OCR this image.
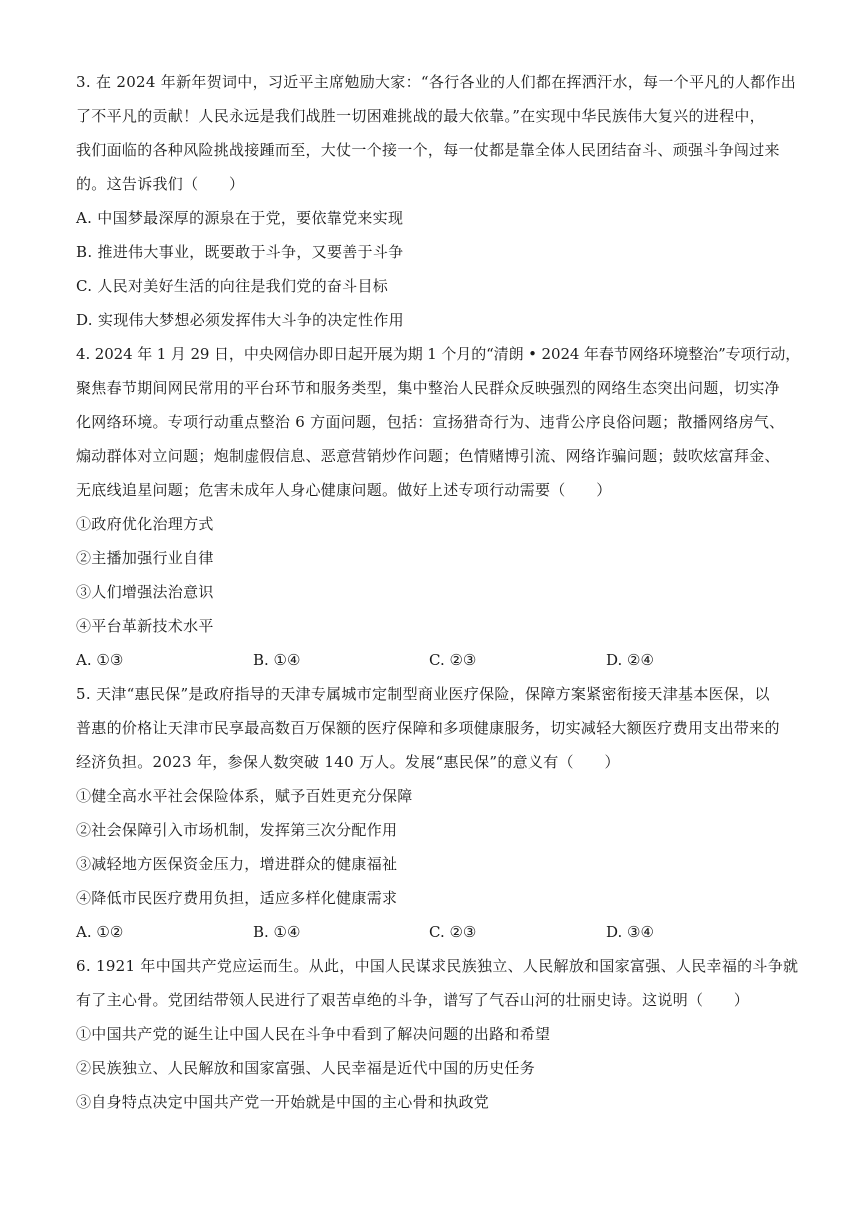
3. 在 2024 年新年贺词中，习近平主席勉励大家：“各行各业的人们都在挥洒汗水，每一个平凡的人都作出
了不平凡的贡献！人民永远是我们战胜一切困难挑战的最大依靠。”在实现中华民族伟大复兴的进程中，
我们面临的各种风险挑战接踵而至，大仗一个接一个，每一仗都是靠全体人民团结奋斗、顽强斗争闯过来
的。这告诉我们（　　）
A. 中国梦最深厚的源泉在于党，要依靠党来实现
B. 推进伟大事业，既要敢于斗争，又要善于斗争
C. 人民对美好生活的向往是我们党的奋斗目标
D. 实现伟大梦想必须发挥伟大斗争的决定性作用
4. 2024 年 1 月 29 日，中央网信办即日起开展为期 1 个月的“清朗 • 2024 年春节网络环境整治”专项行动，
聚焦春节期间网民常用的平台环节和服务类型，集中整治人民群众反映强烈的网络生态突出问题，切实净
化网络环境。专项行动重点整治 6 方面问题，包括：宣扬猎奇行为、违背公序良俗问题；散播网络房气、
煽动群体对立问题；炮制虚假信息、恶意营销炒作问题；色情赌博引流、网络诈骗问题；鼓吹炫富拜金、
无底线追星问题；危害未成年人身心健康问题。做好上述专项行动需要（　　）
①政府优化治理方式
②主播加强行业自律
③人们增强法治意识
④平台革新技术水平
A. ①③	B. ①④	C. ②③	D. ②④
5. 天津“惠民保”是政府指导的天津专属城市定制型商业医疗保险，保障方案紧密衔接天津基本医保，以
普惠的价格让天津市民享最高数百万保额的医疗保障和多项健康服务，切实减轻大额医疗费用支出带来的
经济负担。2023 年，参保人数突破 140 万人。发展“惠民保”的意义有（　　）
①健全高水平社会保险体系，赋予百姓更充分保障
②社会保障引入市场机制，发挥第三次分配作用
③减轻地方医保资金压力，增进群众的健康福祉
④降低市民医疗费用负担，适应多样化健康需求
A. ①②	B. ①④	C. ②③	D. ③④
6. 1921 年中国共产党应运而生。从此，中国人民谋求民族独立、人民解放和国家富强、人民幸福的斗争就
有了主心骨。党团结带领人民进行了艰苦卓绝的斗争，谱写了气吞山河的壮丽史诗。这说明（　　）
①中国共产党的诞生让中国人民在斗争中看到了解决问题的出路和希望
②民族独立、人民解放和国家富强、人民幸福是近代中国的历史任务
③自身特点决定中国共产党一开始就是中国的主心骨和执政党
